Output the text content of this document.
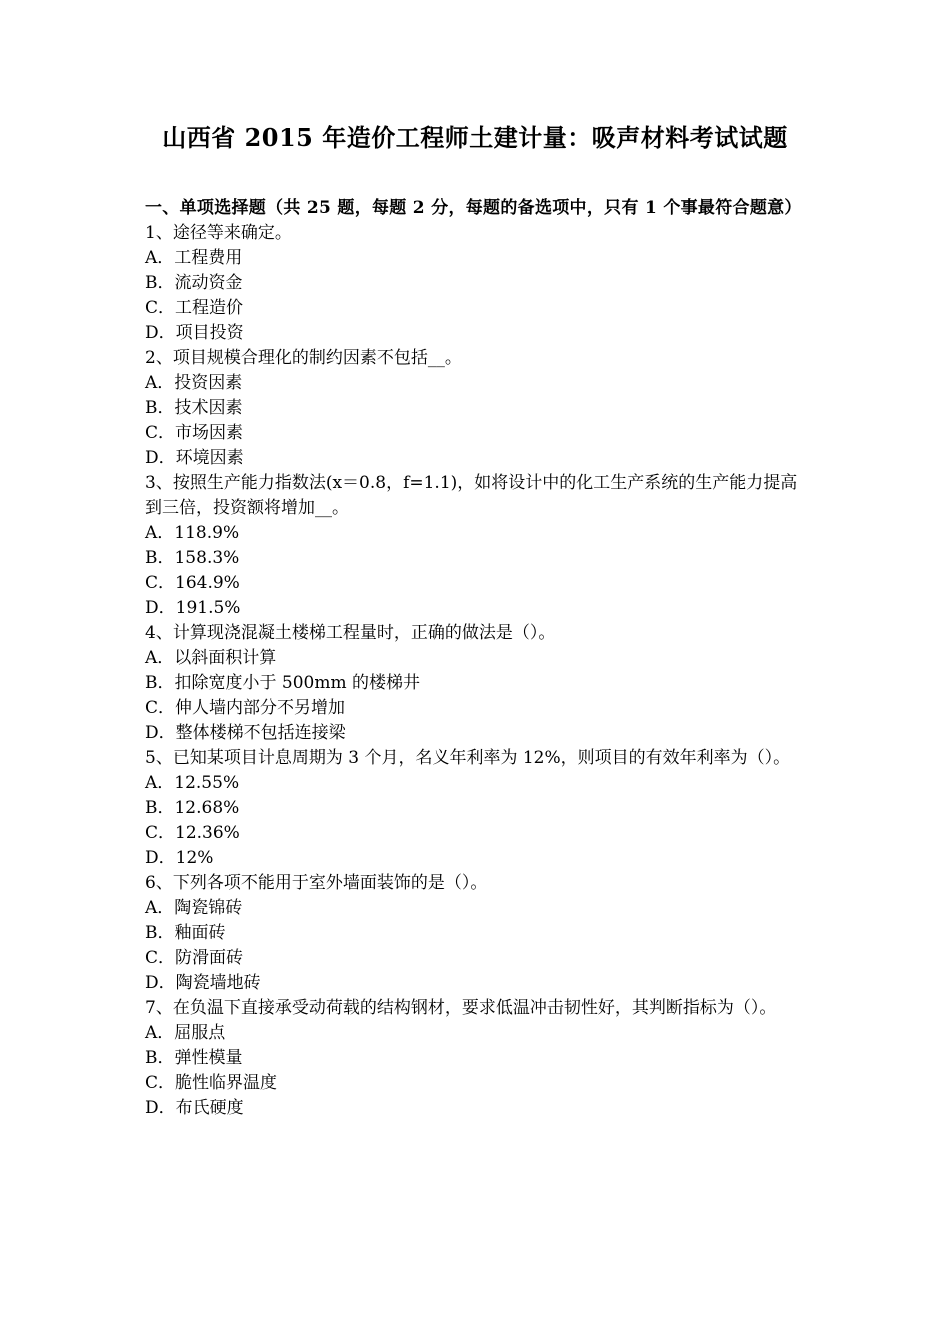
山西省 2015 年造价工程师土建计量：吸声材料考试试题

一、单项选择题（共 25 题，每题 2 分，每题的备选项中，只有 1 个事最符合题意）

1、途径等来确定。

A．工程费用

B．流动资金

C．工程造价

D．项目投资

2、项目规模合理化的制约因素不包括__。

A．投资因素

B．技术因素

C．市场因素

D．环境因素

3、按照生产能力指数法(x＝0.8，f=1.1)，如将设计中的化工生产系统的生产能力提高到三倍，投资额将增加__。

A．118.9%

B．158.3%

C．164.9%

D．191.5%

4、计算现浇混凝土楼梯工程量时，正确的做法是（）。

A．以斜面积计算

B．扣除宽度小于 500mm 的楼梯井

C．伸人墙内部分不另增加

D．整体楼梯不包括连接梁

5、已知某项目计息周期为 3 个月，名义年利率为 12%，则项目的有效年利率为（）。

A．12.55%

B．12.68%

C．12.36%

D．12%

6、下列各项不能用于室外墙面装饰的是（）。

A．陶瓷锦砖

B．釉面砖

C．防滑面砖

D．陶瓷墙地砖

7、在负温下直接承受动荷载的结构钢材，要求低温冲击韧性好，其判断指标为（）。

A．屈服点

B．弹性模量

C．脆性临界温度

D．布氏硬度
